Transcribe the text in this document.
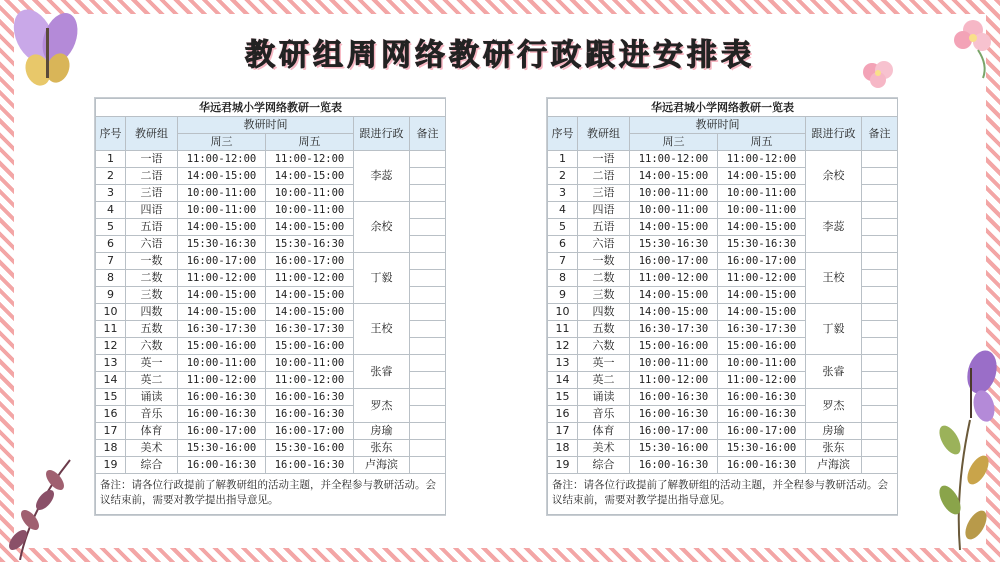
教研组周网络教研行政跟进安排表
华远君城小学网络教研一览表					
序号	教研组	教研时间		跟进行政	备注
		周三	周五		
1	一语	11:00-12:00	11:00-12:00	李蕊	
2	二语	14:00-15:00	14:00-15:00		
3	三语	10:00-11:00	10:00-11:00		
4	四语	10:00-11:00	10:00-11:00	余校	
5	五语	14:00-15:00	14:00-15:00		
6	六语	15:30-16:30	15:30-16:30		
7	一数	16:00-17:00	16:00-17:00	丁毅	
8	二数	11:00-12:00	11:00-12:00		
9	三数	14:00-15:00	14:00-15:00		
10	四数	14:00-15:00	14:00-15:00	王校	
11	五数	16:30-17:30	16:30-17:30		
12	六数	15:00-16:00	15:00-16:00		
13	英一	10:00-11:00	10:00-11:00	张睿	
14	英二	11:00-12:00	11:00-12:00		
15	诵读	16:00-16:30	16:00-16:30	罗杰	
16	音乐	16:00-16:30	16:00-16:30		
17	体育	16:00-17:00	16:00-17:00	房瑜	
18	美术	15:30-16:00	15:30-16:00	张东	
19	综合	16:00-16:30	16:00-16:30	卢海滨	
备注：请各位行政提前了解教研组的活动主题，并全程参与教研活动。会议结束前，需要对教学提出指导意见。					
华远君城小学网络教研一览表					
序号	教研组	教研时间		跟进行政	备注
		周三	周五		
1	一语	11:00-12:00	11:00-12:00	余校	
2	二语	14:00-15:00	14:00-15:00		
3	三语	10:00-11:00	10:00-11:00		
4	四语	10:00-11:00	10:00-11:00	李蕊	
5	五语	14:00-15:00	14:00-15:00		
6	六语	15:30-16:30	15:30-16:30		
7	一数	16:00-17:00	16:00-17:00	王校	
8	二数	11:00-12:00	11:00-12:00		
9	三数	14:00-15:00	14:00-15:00		
10	四数	14:00-15:00	14:00-15:00	丁毅	
11	五数	16:30-17:30	16:30-17:30		
12	六数	15:00-16:00	15:00-16:00		
13	英一	10:00-11:00	10:00-11:00	张睿	
14	英二	11:00-12:00	11:00-12:00		
15	诵读	16:00-16:30	16:00-16:30	罗杰	
16	音乐	16:00-16:30	16:00-16:30		
17	体育	16:00-17:00	16:00-17:00	房瑜	
18	美术	15:30-16:00	15:30-16:00	张东	
19	综合	16:00-16:30	16:00-16:30	卢海滨	
备注：请各位行政提前了解教研组的活动主题，并全程参与教研活动。会议结束前，需要对教学提出指导意见。					
